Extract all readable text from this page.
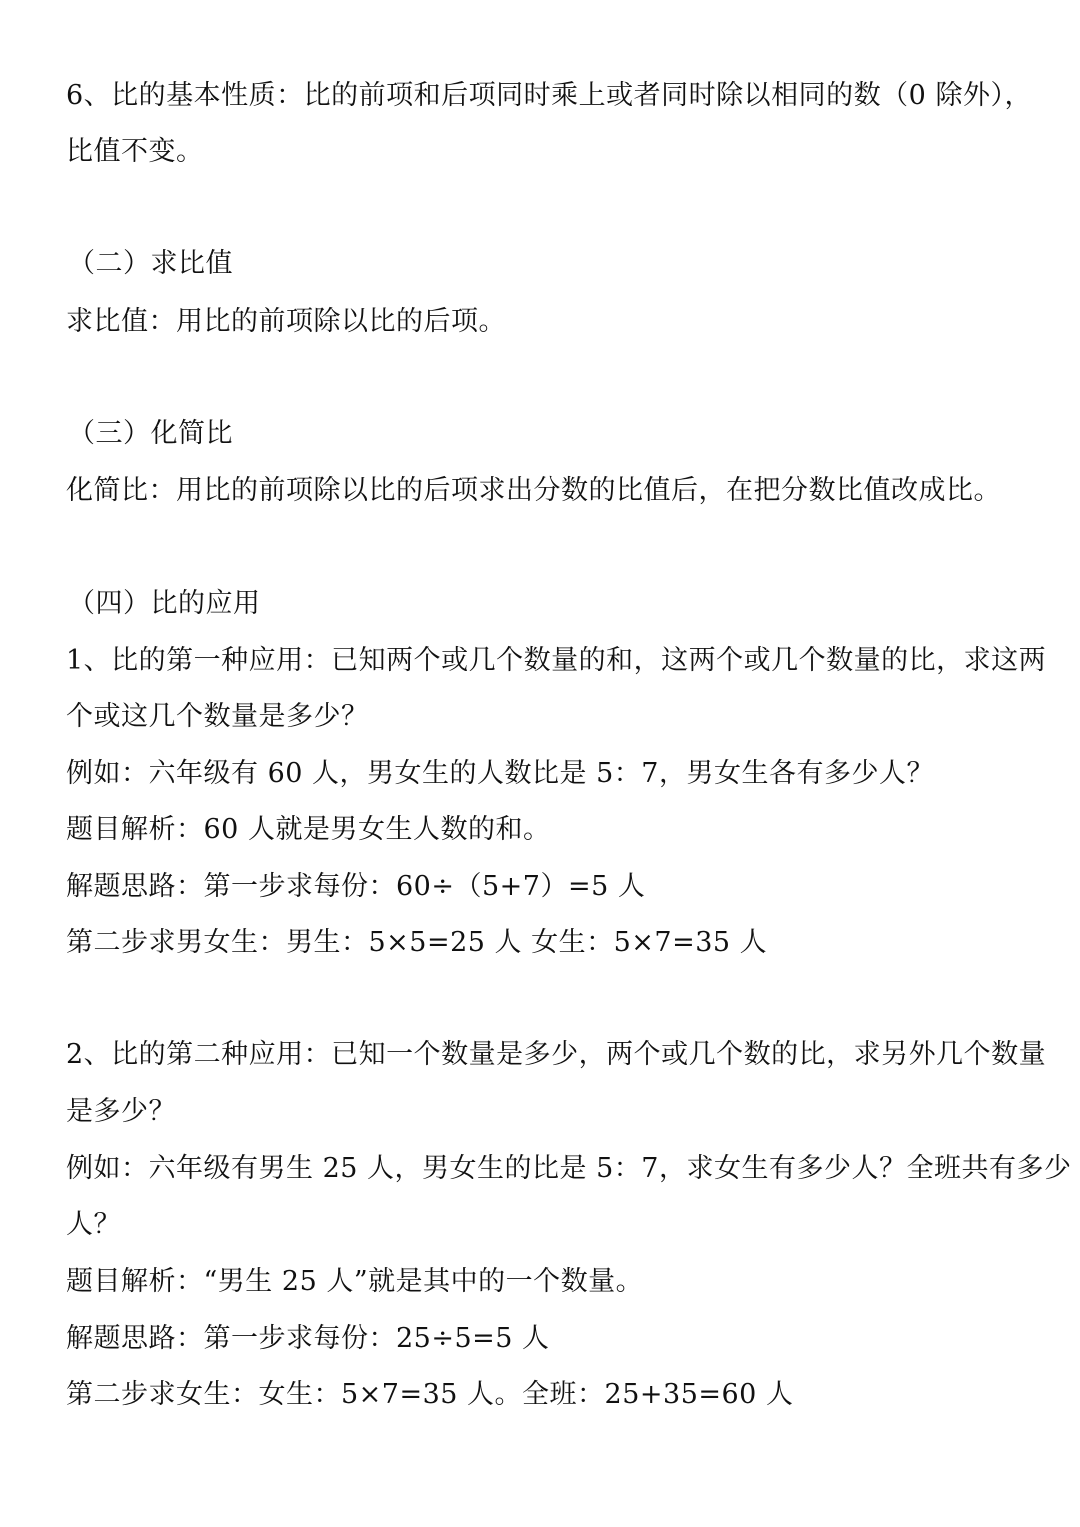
6、比的基本性质：比的前项和后项同时乘上或者同时除以相同的数（0 除外），
比值不变。
（二）求比值
求比值：用比的前项除以比的后项。
（三）化简比
化简比：用比的前项除以比的后项求出分数的比值后，在把分数比值改成比。
（四）比的应用
1、比的第一种应用：已知两个或几个数量的和，这两个或几个数量的比，求这两
个或这几个数量是多少？
例如：六年级有 60 人，男女生的人数比是 5：7，男女生各有多少人？
题目解析：60 人就是男女生人数的和。
解题思路：第一步求每份：60÷（5+7）=5 人
第二步求男女生：男生：5×5=25 人 女生：5×7=35 人
2、比的第二种应用：已知一个数量是多少，两个或几个数的比，求另外几个数量
是多少？
例如：六年级有男生 25 人，男女生的比是 5：7，求女生有多少人？全班共有多少
人？
题目解析：“男生 25 人”就是其中的一个数量。
解题思路：第一步求每份：25÷5=5 人
第二步求女生：女生：5×7=35 人。全班：25+35=60 人
